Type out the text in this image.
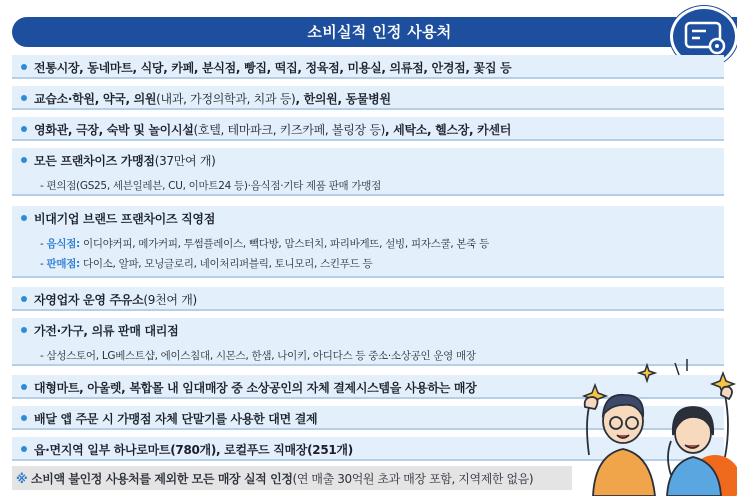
소비실적 인정 사용처
전통시장, 동네마트, 식당, 카페, 분식점, 빵집, 떡집, 정육점, 미용실, 의류점, 안경점, 꽃집 등
교습소·학원, 약국, 의원(내과, 가정의학과, 치과 등), 한의원, 동물병원
영화관, 극장, 숙박 및 놀이시설(호텔, 테마파크, 키즈카페, 볼링장 등), 세탁소, 헬스장, 카센터
모든 프랜차이즈 가맹점(37만여 개)
- 편의점(GS25, 세븐일레븐, CU, 이마트24 등)·음식점·기타 제품 판매 가맹점
비대기업 브랜드 프랜차이즈 직영점
- 음식점: 이디야커피, 메가커피, 투썸플레이스, 빽다방, 맘스터치, 파리바게뜨, 설빙, 피자스쿨, 본죽 등
- 판매점: 다이소, 알파, 모닝글로리, 네이처리퍼블릭, 토니모리, 스킨푸드 등
자영업자 운영 주유소(9천여 개)
가전·가구, 의류 판매 대리점
- 삼성스토어, LG베스트샵, 에이스침대, 시몬스, 한샘, 나이키, 아디다스 등 중소·소상공인 운영 매장
대형마트, 아울렛, 복합몰 내 임대매장 중 소상공인의 자체 결제시스템을 사용하는 매장
배달 앱 주문 시 가맹점 자체 단말기를 사용한 대면 결제
읍·면지역 일부 하나로마트(780개), 로컬푸드 직매장(251개)
※ 소비액 불인정 사용처를 제외한 모든 매장 실적 인정(연 매출 30억원 초과 매장 포함, 지역제한 없음)
